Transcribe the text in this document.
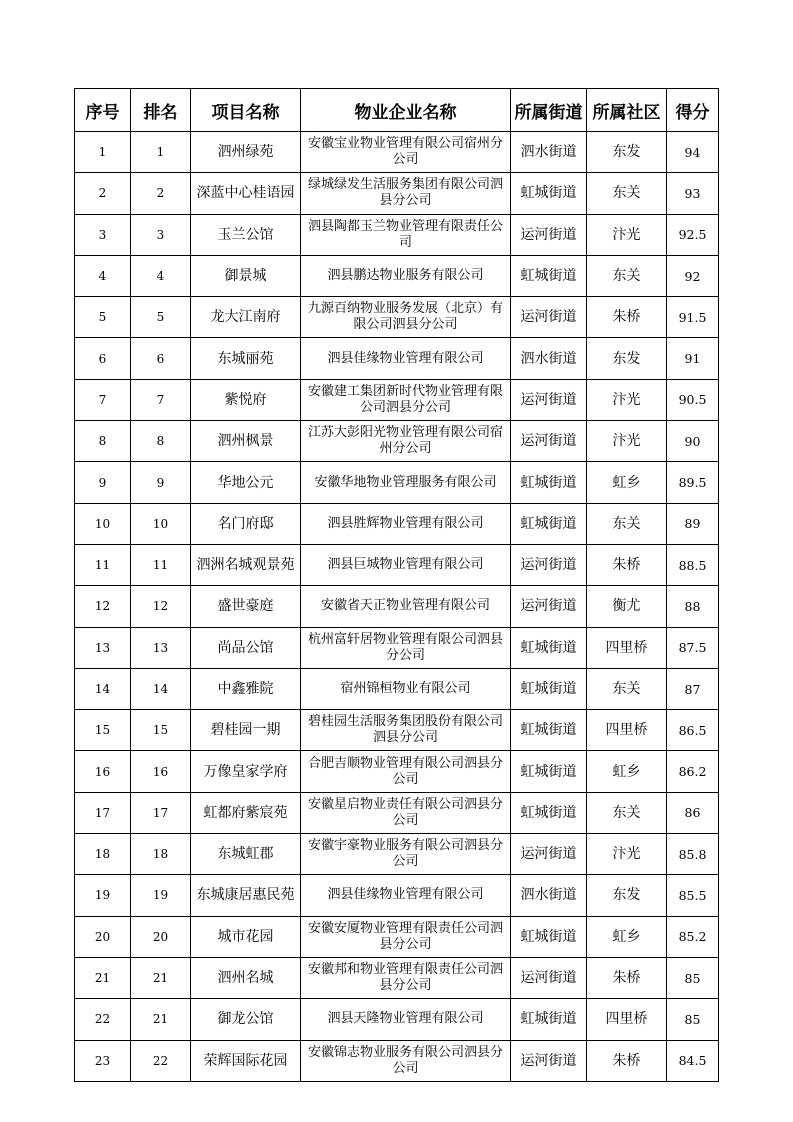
序号	排名	项目名称	物业企业名称	所属街道	所属社区	得分
1	1	泗州绿苑	安徽宝业物业管理有限公司宿州分公司	泗水街道	东发	94
2	2	深蓝中心桂语园	绿城绿发生活服务集团有限公司泗县分公司	虹城街道	东关	93
3	3	玉兰公馆	泗县陶都玉兰物业管理有限责任公司	运河街道	汴光	92.5
4	4	御景城	泗县鹏达物业服务有限公司	虹城街道	东关	92
5	5	龙大江南府	九源百纳物业服务发展（北京）有限公司泗县分公司	运河街道	朱桥	91.5
6	6	东城丽苑	泗县佳缘物业管理有限公司	泗水街道	东发	91
7	7	紫悦府	安徽建工集团新时代物业管理有限公司泗县分公司	运河街道	汴光	90.5
8	8	泗州枫景	江苏大彭阳光物业管理有限公司宿州分公司	运河街道	汴光	90
9	9	华地公元	安徽华地物业管理服务有限公司	虹城街道	虹乡	89.5
10	10	名门府邸	泗县胜辉物业管理有限公司	虹城街道	东关	89
11	11	泗洲名城观景苑	泗县巨城物业管理有限公司	运河街道	朱桥	88.5
12	12	盛世豪庭	安徽省天正物业管理有限公司	运河街道	衡尤	88
13	13	尚品公馆	杭州富轩居物业管理有限公司泗县分公司	虹城街道	四里桥	87.5
14	14	中鑫雅院	宿州锦桓物业有限公司	虹城街道	东关	87
15	15	碧桂园一期	碧桂园生活服务集团股份有限公司泗县分公司	虹城街道	四里桥	86.5
16	16	万像皇家学府	合肥吉顺物业管理有限公司泗县分公司	虹城街道	虹乡	86.2
17	17	虹都府紫宸苑	安徽星启物业责任有限公司泗县分公司	虹城街道	东关	86
18	18	东城虹郡	安徽宇豪物业服务有限公司泗县分公司	运河街道	汴光	85.8
19	19	东城康居惠民苑	泗县佳缘物业管理有限公司	泗水街道	东发	85.5
20	20	城市花园	安徽安厦物业管理有限责任公司泗县分公司	虹城街道	虹乡	85.2
21	21	泗州名城	安徽邦和物业管理有限责任公司泗县分公司	运河街道	朱桥	85
22	21	御龙公馆	泗县天隆物业管理有限公司	虹城街道	四里桥	85
23	22	荣辉国际花园	安徽锦志物业服务有限公司泗县分公司	运河街道	朱桥	84.5
